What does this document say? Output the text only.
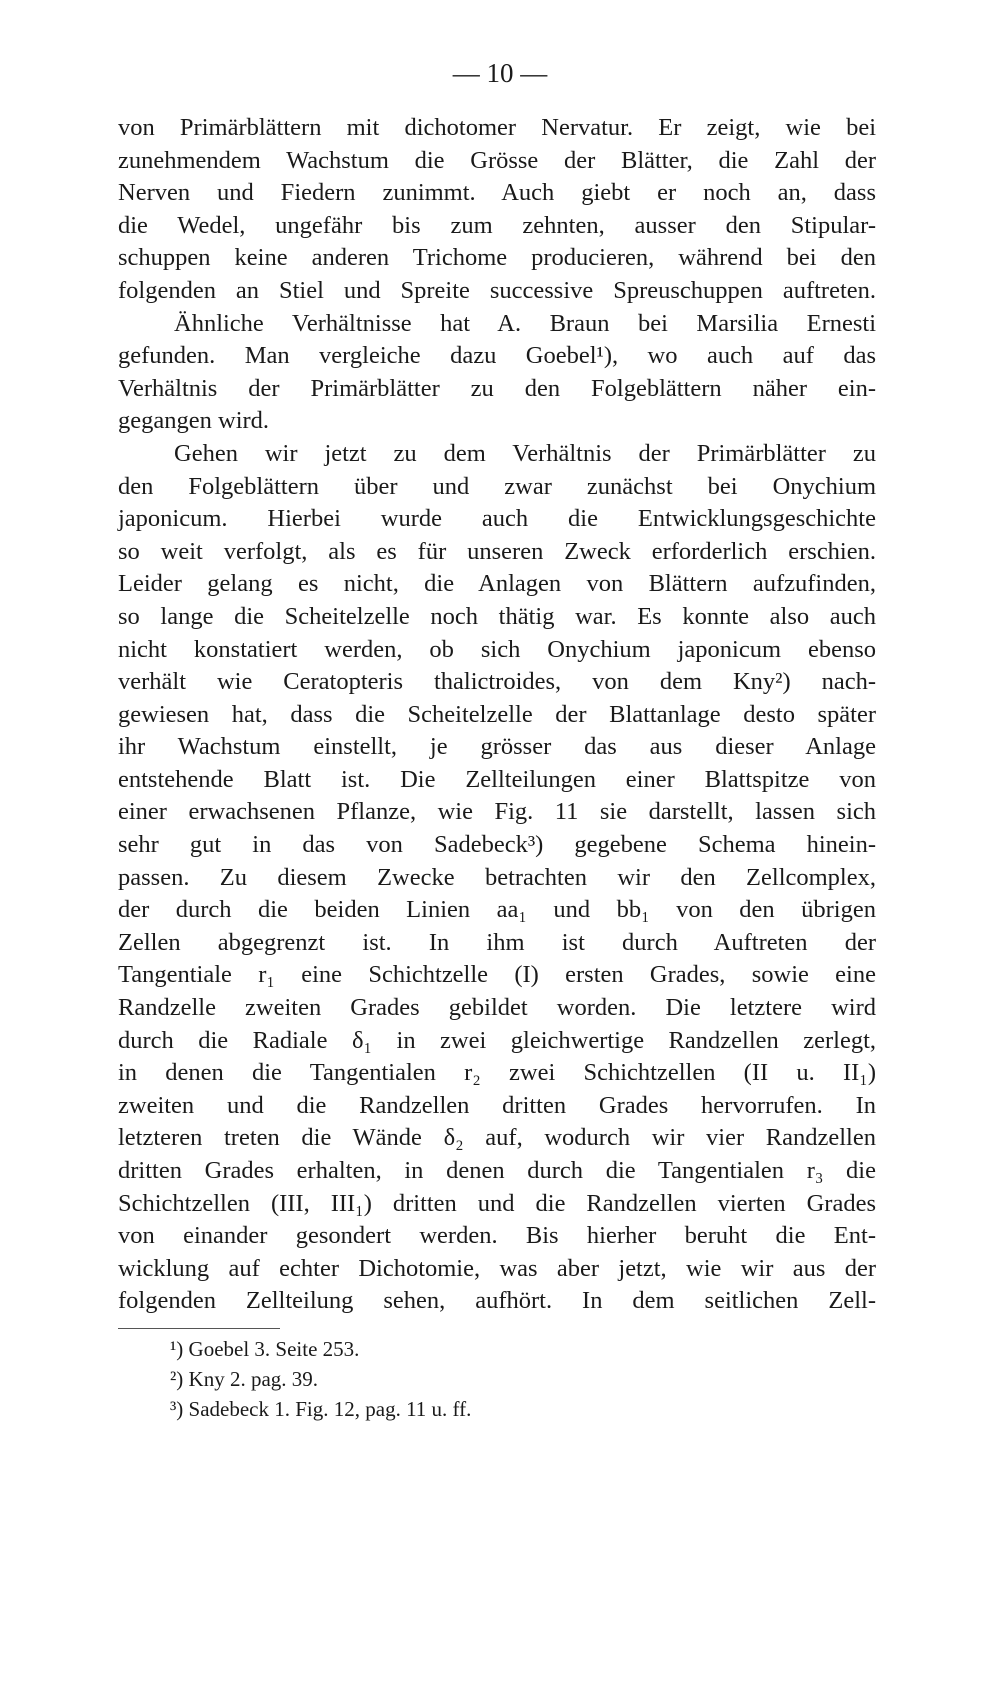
— 10 —
von Primärblättern mit dichotomer Nervatur. Er zeigt, wie bei
zunehmendem Wachstum die Grösse der Blätter, die Zahl der
Nerven und Fiedern zunimmt. Auch giebt er noch an, dass
die Wedel, ungefähr bis zum zehnten, ausser den Stipular-
schuppen keine anderen Trichome producieren, während bei den
folgenden an Stiel und Spreite successive Spreuschuppen auftreten.
Ähnliche Verhältnisse hat A. Braun bei Marsilia Ernesti
gefunden. Man vergleiche dazu Goebel¹), wo auch auf das
Verhältnis der Primärblätter zu den Folgeblättern näher ein-
gegangen wird.
Gehen wir jetzt zu dem Verhältnis der Primärblätter zu
den Folgeblättern über und zwar zunächst bei Onychium
japonicum. Hierbei wurde auch die Entwicklungsgeschichte
so weit verfolgt, als es für unseren Zweck erforderlich erschien.
Leider gelang es nicht, die Anlagen von Blättern aufzufinden,
so lange die Scheitelzelle noch thätig war. Es konnte also auch
nicht konstatiert werden, ob sich Onychium japonicum ebenso
verhält wie Ceratopteris thalictroides, von dem Kny²) nach-
gewiesen hat, dass die Scheitelzelle der Blattanlage desto später
ihr Wachstum einstellt, je grösser das aus dieser Anlage
entstehende Blatt ist. Die Zellteilungen einer Blattspitze von
einer erwachsenen Pflanze, wie Fig. 11 sie darstellt, lassen sich
sehr gut in das von Sadebeck³) gegebene Schema hinein-
passen. Zu diesem Zwecke betrachten wir den Zellcomplex,
der durch die beiden Linien aa₁ und bb₁ von den übrigen
Zellen abgegrenzt ist. In ihm ist durch Auftreten der
Tangentiale r₁ eine Schichtzelle (I) ersten Grades, sowie eine
Randzelle zweiten Grades gebildet worden. Die letztere wird
durch die Radiale δ₁ in zwei gleichwertige Randzellen zerlegt,
in denen die Tangentialen r₂ zwei Schichtzellen (II u. II₁)
zweiten und die Randzellen dritten Grades hervorrufen. In
letzteren treten die Wände δ₂ auf, wodurch wir vier Randzellen
dritten Grades erhalten, in denen durch die Tangentialen r₃ die
Schichtzellen (III, III₁) dritten und die Randzellen vierten Grades
von einander gesondert werden. Bis hierher beruht die Ent-
wicklung auf echter Dichotomie, was aber jetzt, wie wir aus der
folgenden Zellteilung sehen, aufhört. In dem seitlichen Zell-
¹) Goebel 3. Seite 253.
²) Kny 2. pag. 39.
³) Sadebeck 1. Fig. 12, pag. 11 u. ff.
